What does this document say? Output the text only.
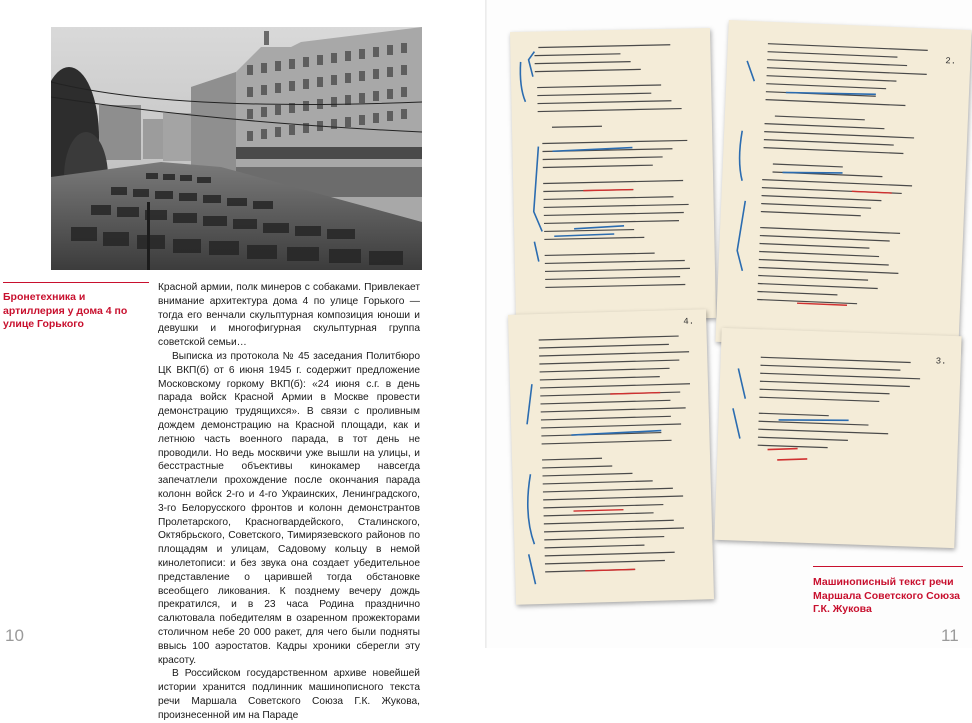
Бронетехника и артиллерия у дома 4 по улице Горького

Красной армии, полк минеров с собаками. Привлекает внимание архитектура дома 4 по улице Горького — тогда его венчали скульптурная композиция юноши и девушки и многофигурная скульптурная группа советской семьи…

Выписка из протокола № 45 заседания Политбюро ЦК ВКП(б) от 6 июня 1945 г. содержит предложение Московскому горкому ВКП(б): «24 июня с.г. в день парада войск Красной Армии в Москве провести демонстрацию трудящихся». В связи с проливным дождем демонстрацию на Красной площади, как и летнюю часть военного парада, в тот день не проводили. Но ведь москвичи уже вышли на улицы, и бесстрастные объективы кинокамер навсегда запечатлели прохождение после окончания парада колонн войск 2-го и 4-го Украинских, Ленинградского, 3-го Белорусского фронтов и колонн демонстрантов Пролетарского, Красногвардейского, Сталинского, Октябрьского, Советского, Тимирязевского районов по площадям и улицам, Садовому кольцу в немой кинолетописи: и без звука она создает убедительное представление о царившей тогда обстановке всеобщего ликования. К позднему вечеру дождь прекратился, и в 23 часа Родина празднично салютовала победителям в озаренном прожекторами столичном небе 20 000 ракет, для чего были подняты ввысь 100 аэростатов. Кадры хроники сберегли эту красоту.

В Российском государственном архиве новейшей истории хранится подлинник машинописного текста речи Маршала Советского Союза Г.К. Жукова, произнесенной им на Параде

10
2.
4.
3.
Машинописный текст речи Маршала Советского Союза Г.К. Жукова
11
